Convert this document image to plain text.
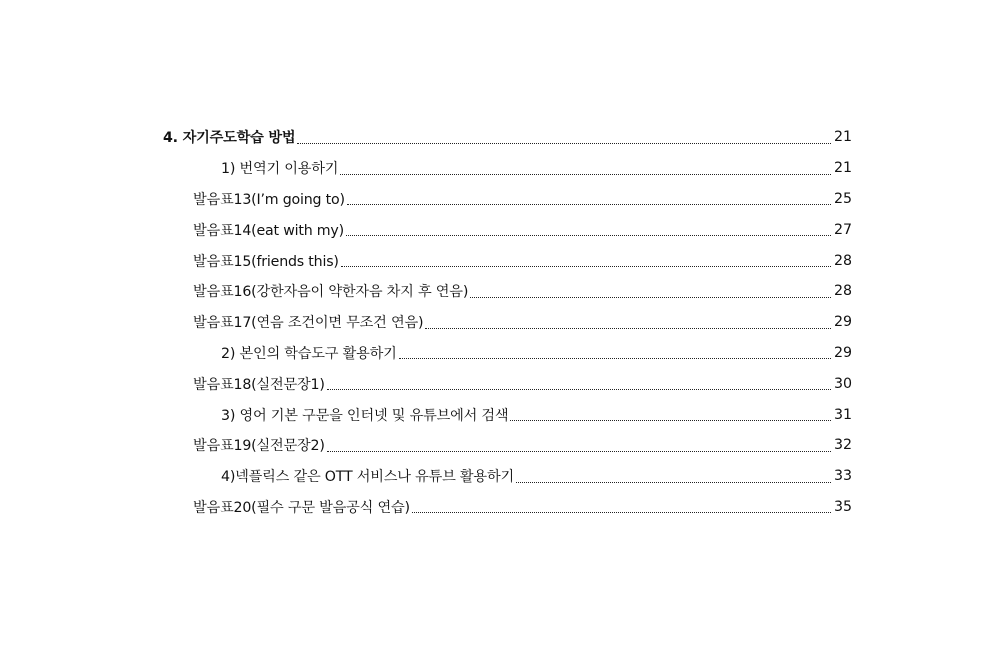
4. 자기주도학습 방법	21
1) 번역기 이용하기	21
발음표13(I’m going to)	25
발음표14(eat with my)	27
발음표15(friends this)	28
발음표16(강한자음이 약한자음 차지 후 연음)	28
발음표17(연음 조건이면 무조건 연음)	29
2) 본인의 학습도구 활용하기	29
발음표18(실전문장1)	30
3) 영어 기본 구문을 인터넷 및 유튜브에서 검색	31
발음표19(실전문장2)	32
4)넥플릭스 같은 OTT 서비스나 유튜브 활용하기	33
발음표20(필수 구문 발음공식 연습)	35
